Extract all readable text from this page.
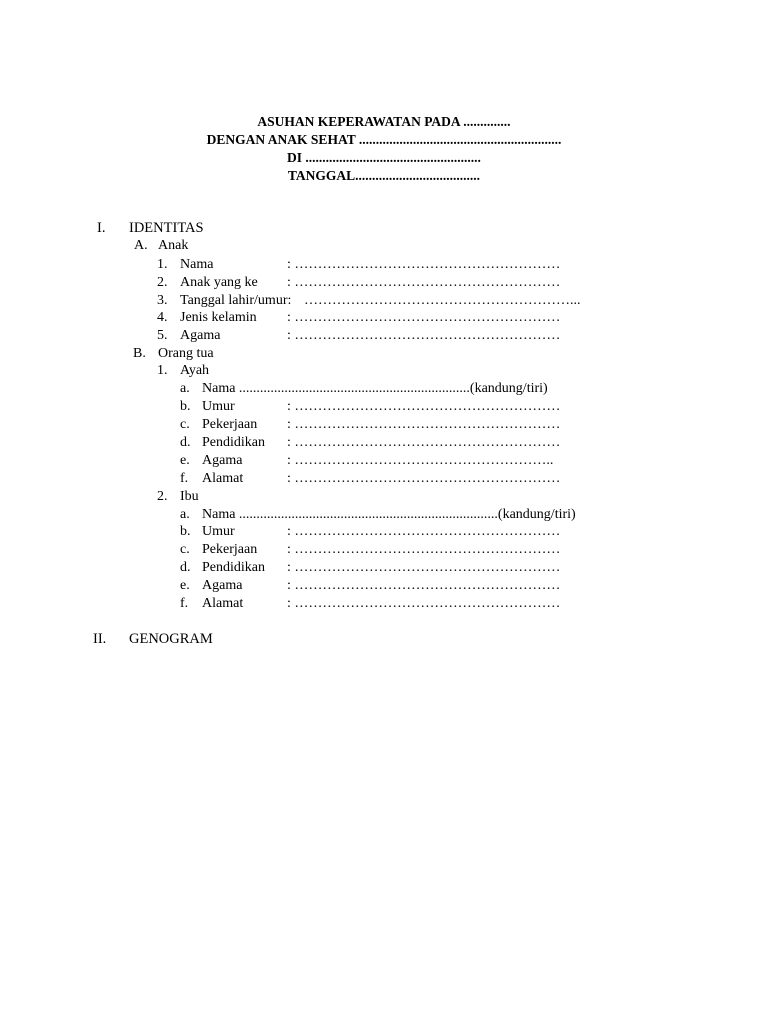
ASUHAN KEPERAWATAN PADA ..............
DENGAN ANAK SEHAT ............................................................
DI ....................................................
TANGGAL.....................................
I. IDENTITAS
A. Anak
1. Nama	: …………………………………………………
2. Anak yang ke : …………………………………………………
3. Tanggal lahir/umur: …………………………………………………...
4. Jenis kelamin : …………………………………………………
5. Agama	: …………………………………………………
B. Orang tua
1. Ayah
a. Nama ..................................................................(kandung/tiri)
b. Umur	: …………………………………………………
c. Pekerjaan : …………………………………………………
d. Pendidikan : …………………………………………………
e. Agama	: ………………………………………………..
f. Alamat	: …………………………………………………
2. Ibu
a. Nama ..........................................................................(kandung/tiri)
b. Umur	: …………………………………………………
c. Pekerjaan : …………………………………………………
d. Pendidikan : …………………………………………………
e. Agama	: …………………………………………………
f. Alamat	: …………………………………………………
II. GENOGRAM
